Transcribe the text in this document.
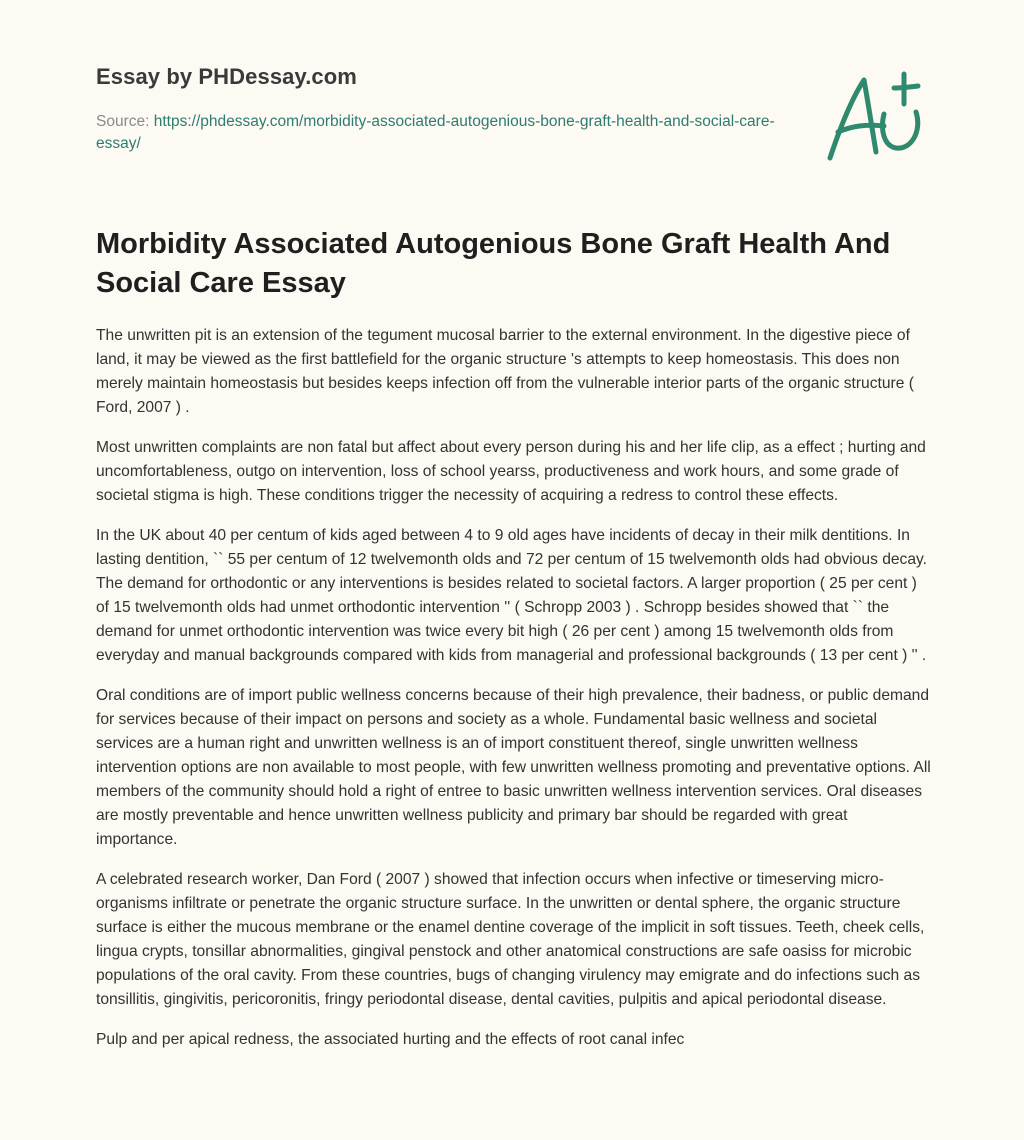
Essay by PHDessay.com
Source: https://phdessay.com/morbidity-associated-autogenious-bone-graft-health-and-social-care-essay/
Morbidity Associated Autogenious Bone Graft Health And Social Care Essay

The unwritten pit is an extension of the tegument mucosal barrier to the external environment. In the digestive piece of land, it may be viewed as the first battlefield for the organic structure 's attempts to keep homeostasis. This does non merely maintain homeostasis but besides keeps infection off from the vulnerable interior parts of the organic structure ( Ford, 2007 ) .

Most unwritten complaints are non fatal but affect about every person during his and her life clip, as a effect ; hurting and uncomfortableness, outgo on intervention, loss of school yearss, productiveness and work hours, and some grade of societal stigma is high. These conditions trigger the necessity of acquiring a redress to control these effects.

In the UK about 40 per centum of kids aged between 4 to 9 old ages have incidents of decay in their milk dentitions. In lasting dentition, `` 55 per centum of 12 twelvemonth olds and 72 per centum of 15 twelvemonth olds had obvious decay. The demand for orthodontic or any interventions is besides related to societal factors. A larger proportion ( 25 per cent ) of 15 twelvemonth olds had unmet orthodontic intervention '' ( Schropp 2003 ) . Schropp besides showed that `` the demand for unmet orthodontic intervention was twice every bit high ( 26 per cent ) among 15 twelvemonth olds from everyday and manual backgrounds compared with kids from managerial and professional backgrounds ( 13 per cent ) '' .

Oral conditions are of import public wellness concerns because of their high prevalence, their badness, or public demand for services because of their impact on persons and society as a whole. Fundamental basic wellness and societal services are a human right and unwritten wellness is an of import constituent thereof, single unwritten wellness intervention options are non available to most people, with few unwritten wellness promoting and preventative options. All members of the community should hold a right of entree to basic unwritten wellness intervention services. Oral diseases are mostly preventable and hence unwritten wellness publicity and primary bar should be regarded with great importance.

A celebrated research worker, Dan Ford ( 2007 ) showed that infection occurs when infective or timeserving micro-organisms infiltrate or penetrate the organic structure surface. In the unwritten or dental sphere, the organic structure surface is either the mucous membrane or the enamel dentine coverage of the implicit in soft tissues. Teeth, cheek cells, lingua crypts, tonsillar abnormalities, gingival penstock and other anatomical constructions are safe oasiss for microbic populations of the oral cavity. From these countries, bugs of changing virulency may emigrate and do infections such as tonsillitis, gingivitis, pericoronitis, fringy periodontal disease, dental cavities, pulpitis and apical periodontal disease.

Pulp and per apical redness, the associated hurting and the effects of root canal infec
